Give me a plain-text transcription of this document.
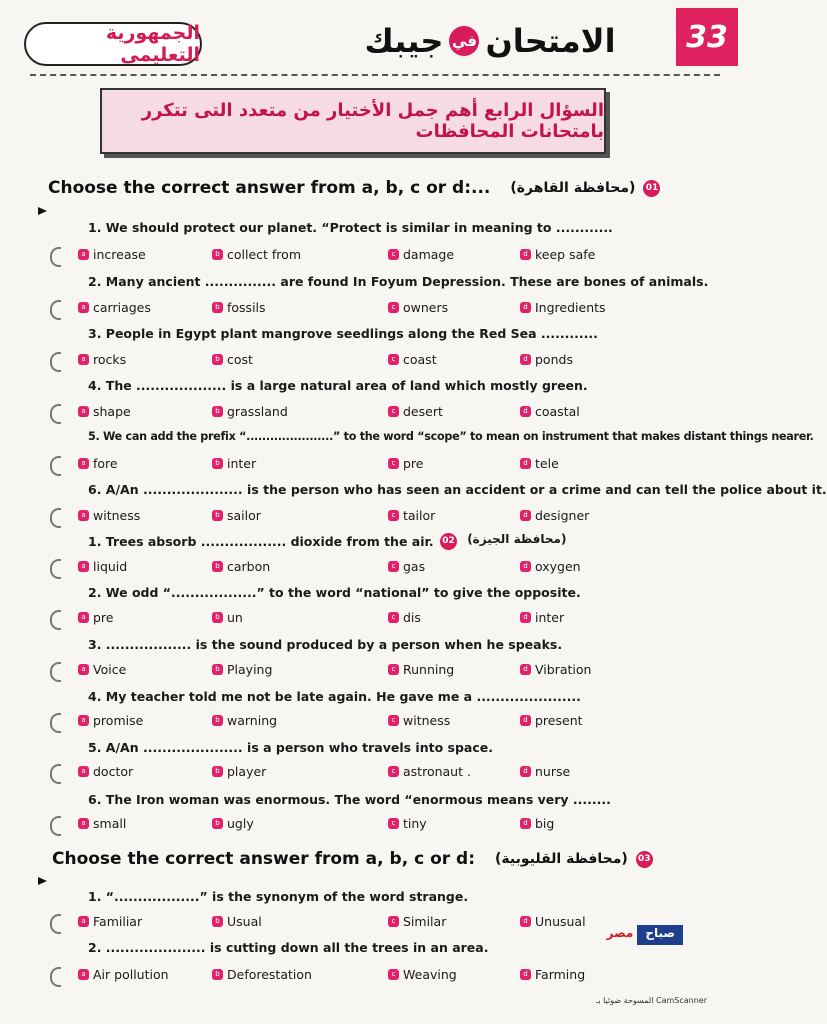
الجمهورية التعليمى	الامتحان
في
جيبك	33
السؤال الرابع أهم جمل الأختيار من متعدد التى تتكرر بامتحانات المحافظات
Choose the correct answer from a, b, c or d:... (محافظة القاهرة) 01
Choose the correct answer from a, b, c or d: (محافظة القليوبية) 03
(محافظة الجيزة) 02
1. We should protect our planet. “Protect is similar in meaning to ............
a increase	b collect from	c damage	d keep safe
2. Many ancient ............... are found In Foyum Depression. These are bones of animals.
a carriages	b fossils	c owners	d Ingredients
3. People in Egypt plant mangrove seedlings along the Red Sea ............
a rocks	b cost	c coast	d ponds
4. The ................... is a large natural area of land which mostly green.
a shape	b grassland	c desert	d coastal
5. We can add the prefix “......................” to the word “scope” to mean on instrument that makes distant things nearer.
a fore	b inter	c pre	d tele
6. A/An ..................... is the person who has seen an accident or a crime and can tell the police about it.
a witness	b sailor	c tailor	d designer
1. Trees absorb .................. dioxide from the air.
a liquid	b carbon	c gas	d oxygen
2. We odd “..................” to the word “national” to give the opposite.
a pre	b un	c dis	d inter
3. .................. is the sound produced by a person when he speaks.
a Voice	b Playing	c Running	d Vibration
4. My teacher told me not be late again. He gave me a ......................
a promise	b warning	c witness	d present
5. A/An ..................... is a person who travels into space.
a doctor	b player	c astronaut .	d nurse
6. The Iron woman was enormous. The word “enormous means very ........
a small	b ugly	c tiny	d big
1. “..................” is the synonym of the word strange.
a Familiar	b Usual	c Similar	d Unusual
2. ..................... is cutting down all the trees in an area.
a Air pollution	b Deforestation	c Weaving	d Farming
صباح
مصر
المسوحة ضوئيا بـ CamScanner
